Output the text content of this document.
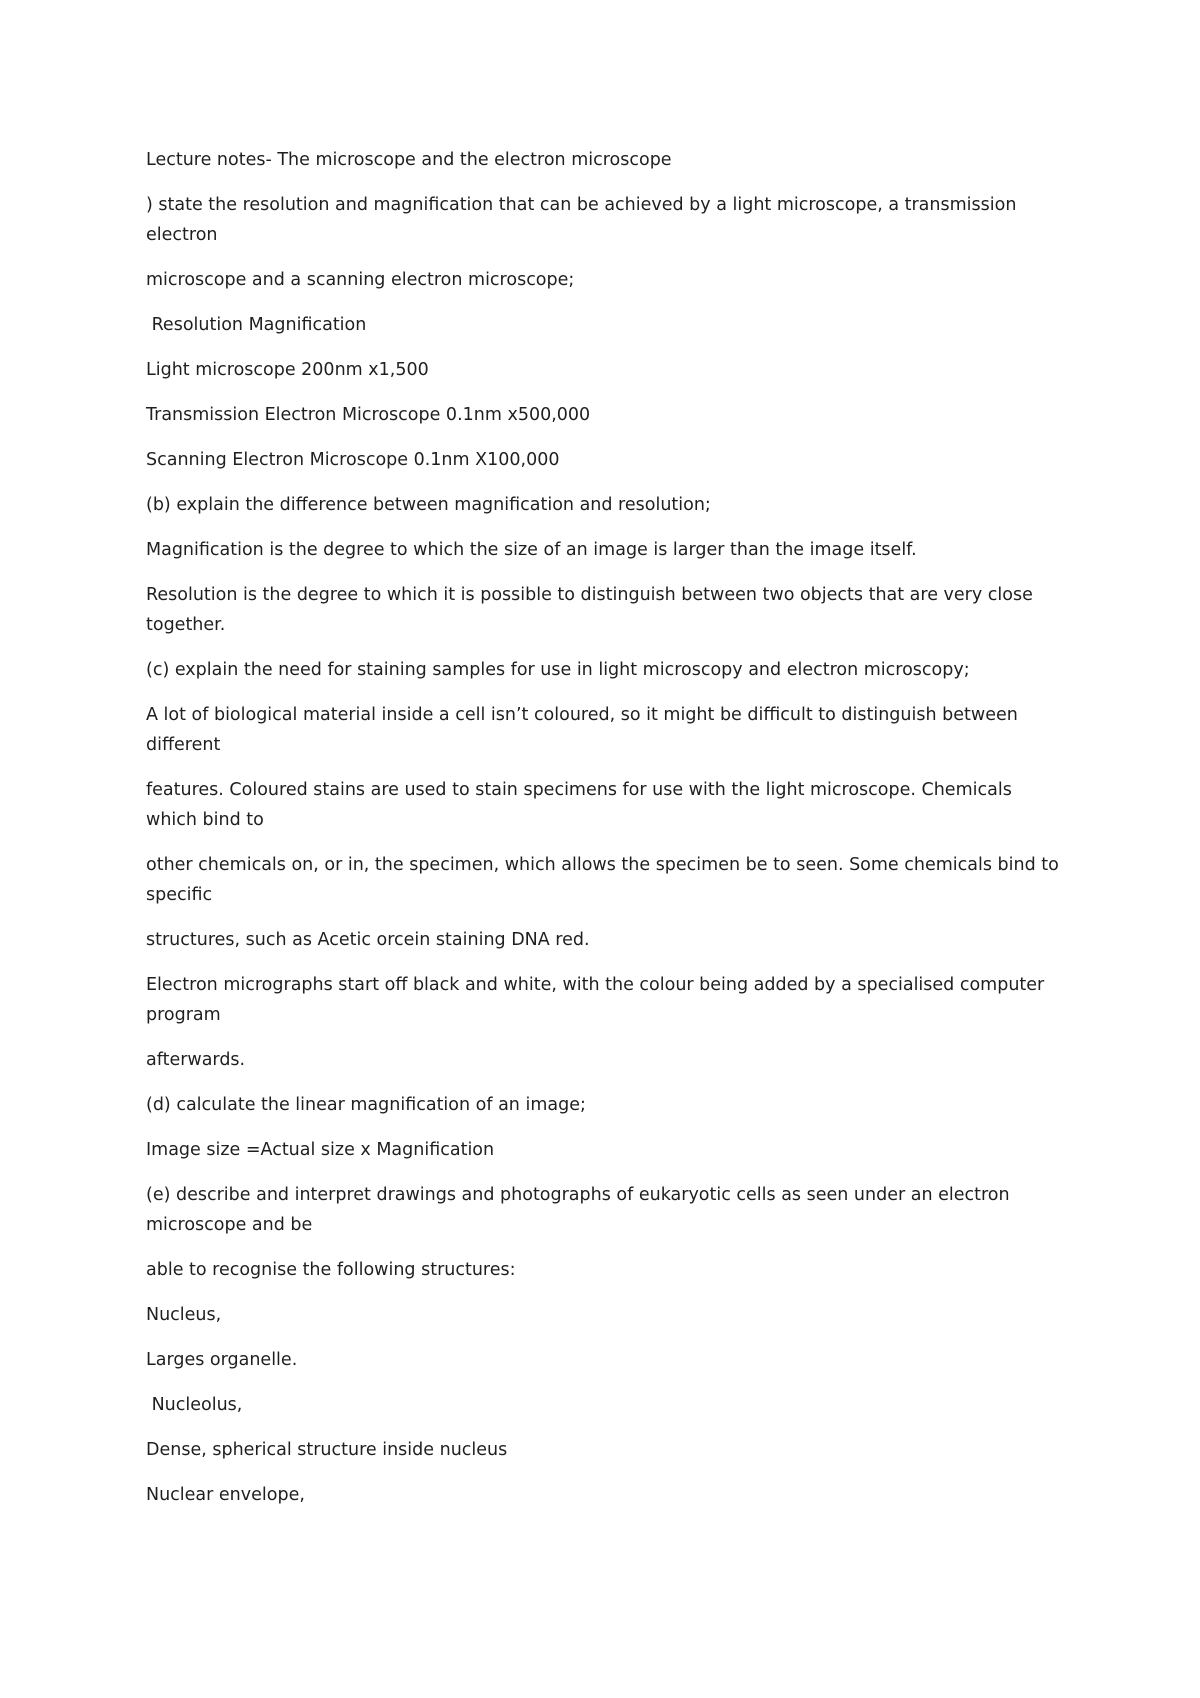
Lecture notes- The microscope and the electron microscope

) state the resolution and magnification that can be achieved by a light microscope, a transmission electron

microscope and a scanning electron microscope;

Resolution Magnification

Light microscope 200nm x1,500

Transmission Electron Microscope 0.1nm x500,000

Scanning Electron Microscope 0.1nm X100,000

(b) explain the difference between magnification and resolution;

Magnification is the degree to which the size of an image is larger than the image itself.

Resolution is the degree to which it is possible to distinguish between two objects that are very close together.

(c) explain the need for staining samples for use in light microscopy and electron microscopy;

A lot of biological material inside a cell isn’t coloured, so it might be difficult to distinguish between different

features. Coloured stains are used to stain specimens for use with the light microscope. Chemicals which bind to

other chemicals on, or in, the specimen, which allows the specimen be to seen. Some chemicals bind to specific

structures, such as Acetic orcein staining DNA red.

Electron micrographs start off black and white, with the colour being added by a specialised computer program

afterwards.

(d) calculate the linear magnification of an image;

Image size =Actual size x Magnification

(e) describe and interpret drawings and photographs of eukaryotic cells as seen under an electron microscope and be

able to recognise the following structures:

Nucleus,

Larges organelle.

Nucleolus,

Dense, spherical structure inside nucleus

Nuclear envelope,
